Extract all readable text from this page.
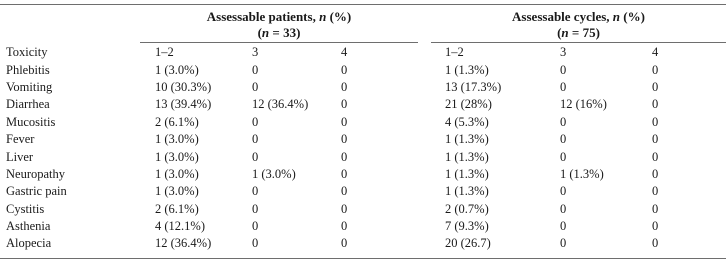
Assessable patients, n (%)	Assessable cycles, n (%)
(n = 33)	(n = 75)
Toxicity	1–2	3	4	1–2	3	4
Phlebitis	1 (3.0%)	0	0	1 (1.3%)	0	0
Vomiting	10 (30.3%)	0	0	13 (17.3%)	0	0
Diarrhea	13 (39.4%)	12 (36.4%)	0	21 (28%)	12 (16%)	0
Mucositis	2 (6.1%)	0	0	4 (5.3%)	0	0
Fever	1 (3.0%)	0	0	1 (1.3%)	0	0
Liver	1 (3.0%)	0	0	1 (1.3%)	0	0
Neuropathy	1 (3.0%)	1 (3.0%)	0	1 (1.3%)	1 (1.3%)	0
Gastric pain	1 (3.0%)	0	0	1 (1.3%)	0	0
Cystitis	2 (6.1%)	0	0	2 (0.7%)	0	0
Asthenia	4 (12.1%)	0	0	7 (9.3%)	0	0
Alopecia	12 (36.4%)	0	0	20 (26.7)	0	0
